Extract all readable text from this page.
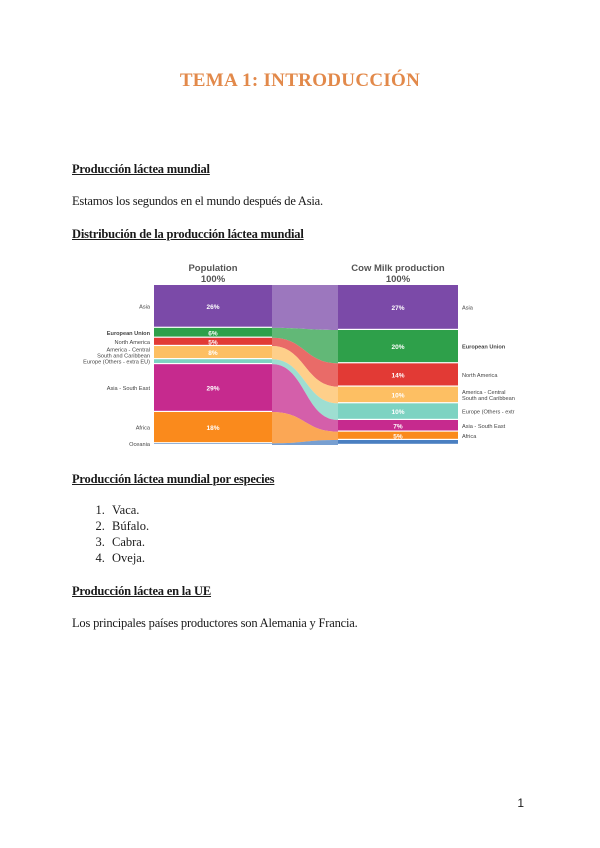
TEMA 1: INTRODUCCIÓN
Producción láctea mundial
Estamos los segundos en el mundo después de Asia.
Distribución de la producción láctea mundial
Population
100%
Cow Milk production
100%
26%	27%
Asia	Asia
6%
20%
European Union
European Union
5%
14%
North America
North America
8%
10%
America - Central
South and Caribbean
America - Central
South and Caribbean
10%
Europe (Others - extra EU)
Europe (Others - extr
29%
7%
Asia - South East
Asia - South East
18%
5%
Africa
Africa
Oceania
Producción láctea mundial por especies
1. Vaca.
2. Búfalo.
3. Cabra.
4. Oveja.
Producción láctea en la UE
Los principales países productores son Alemania y Francia.
1
